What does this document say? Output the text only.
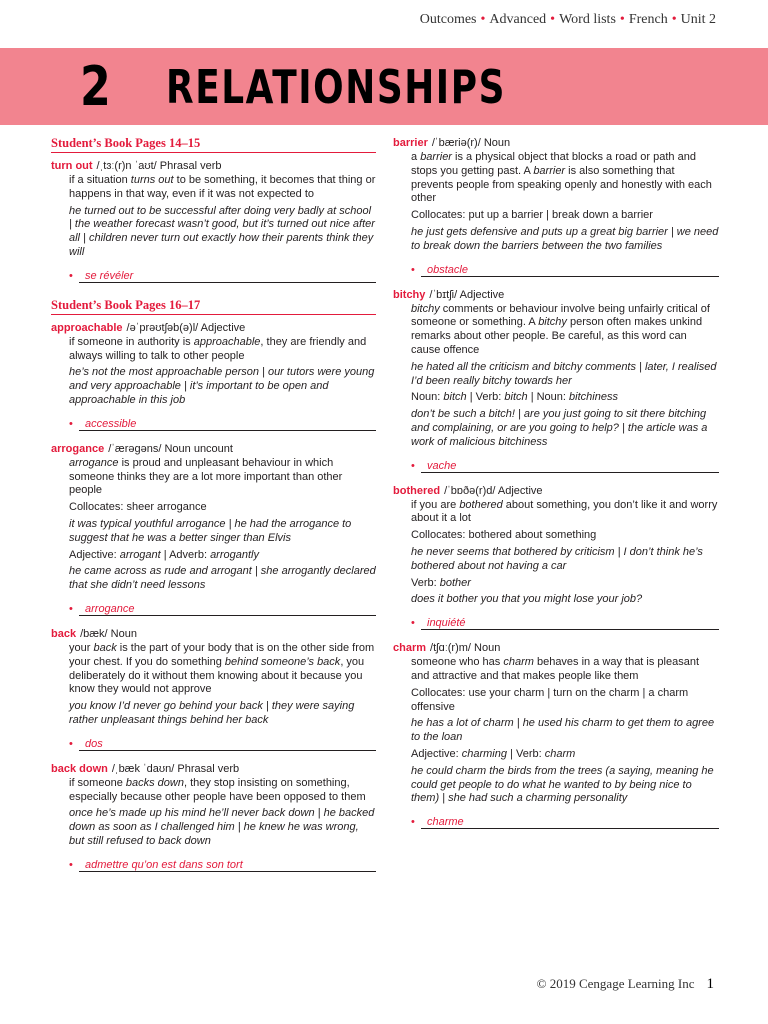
Outcomes • Advanced • Word lists • French • Unit 2
2 RELATIONSHIPS
Student’s Book Pages 14–15
turn out /ˌtɜː(r)n ˈaʊt/ Phrasal verb
if a situation turns out to be something, it becomes that thing or happens in that way, even if it was not expected to
he turned out to be successful after doing very badly at school | the weather forecast wasn’t good, but it’s turned out nice after all | children never turn out exactly how their parents think they will
• se révéler
Student’s Book Pages 16–17
approachable /əˈprəʊtʃəb(ə)l/ Adjective
if someone in authority is approachable, they are friendly and always willing to talk to other people
he’s not the most approachable person | our tutors were young and very approachable | it’s important to be open and approachable in this job
• accessible
arrogance /ˈærəɡəns/ Noun uncount
arrogance is proud and unpleasant behaviour in which someone thinks they are a lot more important than other people
Collocates: sheer arrogance
it was typical youthful arrogance | he had the arrogance to suggest that he was a better singer than Elvis
Adjective: arrogant | Adverb: arrogantly
he came across as rude and arrogant | she arrogantly declared that she didn’t need lessons
• arrogance
back /bæk/ Noun
your back is the part of your body that is on the other side from your chest. If you do something behind someone’s back, you deliberately do it without them knowing about it because you know they would not approve
you know I’d never go behind your back | they were saying rather unpleasant things behind her back
• dos
back down /ˌbæk ˈdaʊn/ Phrasal verb
if someone backs down, they stop insisting on something, especially because other people have been opposed to them
once he’s made up his mind he’ll never back down | he backed down as soon as I challenged him | he knew he was wrong, but still refused to back down
• admettre qu’on est dans son tort
barrier /ˈbæriə(r)/ Noun
a barrier is a physical object that blocks a road or path and stops you getting past. A barrier is also something that prevents people from speaking openly and honestly with each other
Collocates: put up a barrier | break down a barrier
he just gets defensive and puts up a great big barrier | we need to break down the barriers between the two families
• obstacle
bitchy /ˈbɪtʃi/ Adjective
bitchy comments or behaviour involve being unfairly critical of someone or something. A bitchy person often makes unkind remarks about other people. Be careful, as this word can cause offence
he hated all the criticism and bitchy comments | later, I realised I’d been really bitchy towards her
Noun: bitch | Verb: bitch | Noun: bitchiness
don’t be such a bitch! | are you just going to sit there bitching and complaining, or are you going to help? | the article was a work of malicious bitchiness
• vache
bothered /ˈbɒðə(r)d/ Adjective
if you are bothered about something, you don’t like it and worry about it a lot
Collocates: bothered about something
he never seems that bothered by criticism | I don’t think he’s bothered about not having a car
Verb: bother
does it bother you that you might lose your job?
• inquiété
charm /tʃɑː(r)m/ Noun
someone who has charm behaves in a way that is pleasant and attractive and that makes people like them
Collocates: use your charm | turn on the charm | a charm offensive
he has a lot of charm | he used his charm to get them to agree to the loan
Adjective: charming | Verb: charm
he could charm the birds from the trees (a saying, meaning he could get people to do what he wanted to by being nice to them) | she had such a charming personality
• charme
© 2019 Cengage Learning Inc 1
